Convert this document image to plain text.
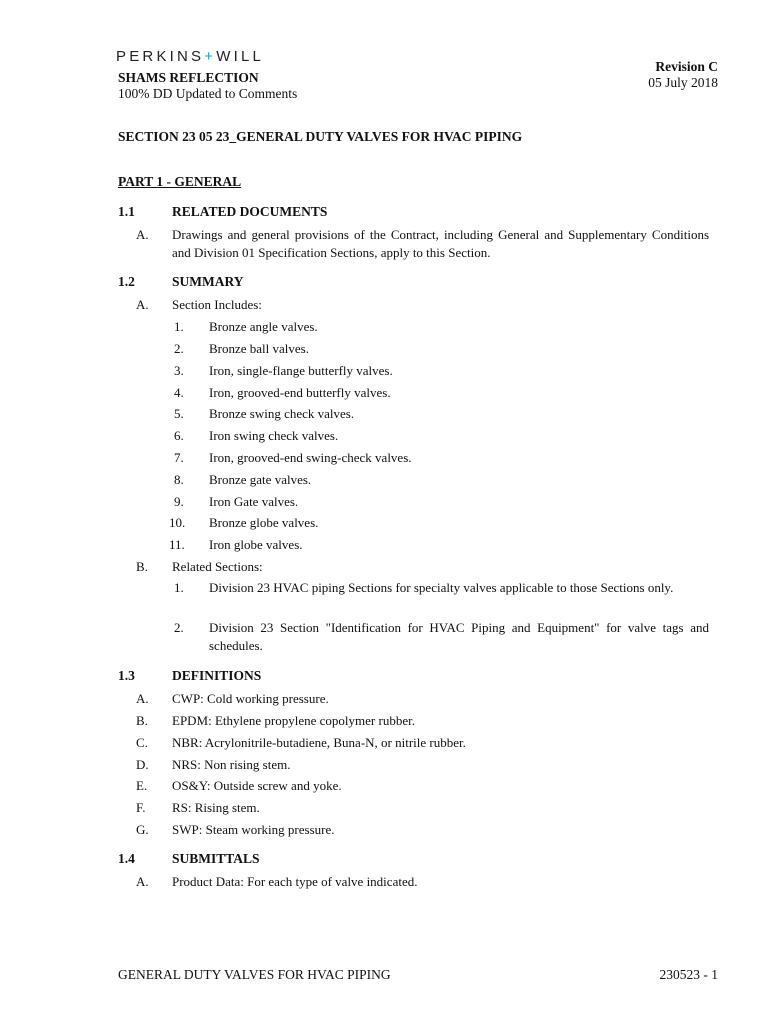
PERKINS+WILL
SHAMS REFLECTION
100% DD Updated to Comments
Revision C
05 July 2018
SECTION 23 05 23_GENERAL DUTY VALVES FOR HVAC PIPING
PART 1 - GENERAL
1.1	RELATED DOCUMENTS
A. Drawings and general provisions of the Contract, including General and Supplementary Conditions and Division 01 Specification Sections, apply to this Section.
1.2	SUMMARY
A. Section Includes:
1. Bronze angle valves.
2. Bronze ball valves.
3. Iron, single-flange butterfly valves.
4. Iron, grooved-end butterfly valves.
5. Bronze swing check valves.
6. Iron swing check valves.
7. Iron, grooved-end swing-check valves.
8. Bronze gate valves.
9. Iron Gate valves.
10. Bronze globe valves.
11. Iron globe valves.
B. Related Sections:
1. Division 23 HVAC piping Sections for specialty valves applicable to those Sections only.
2. Division 23 Section "Identification for HVAC Piping and Equipment" for valve tags and schedules.
1.3	DEFINITIONS
A. CWP: Cold working pressure.
B. EPDM: Ethylene propylene copolymer rubber.
C. NBR: Acrylonitrile-butadiene, Buna-N, or nitrile rubber.
D. NRS: Non rising stem.
E. OS&Y: Outside screw and yoke.
F. RS: Rising stem.
G. SWP: Steam working pressure.
1.4	SUBMITTALS
A. Product Data: For each type of valve indicated.
GENERAL DUTY VALVES FOR HVAC PIPING	230523 - 1
